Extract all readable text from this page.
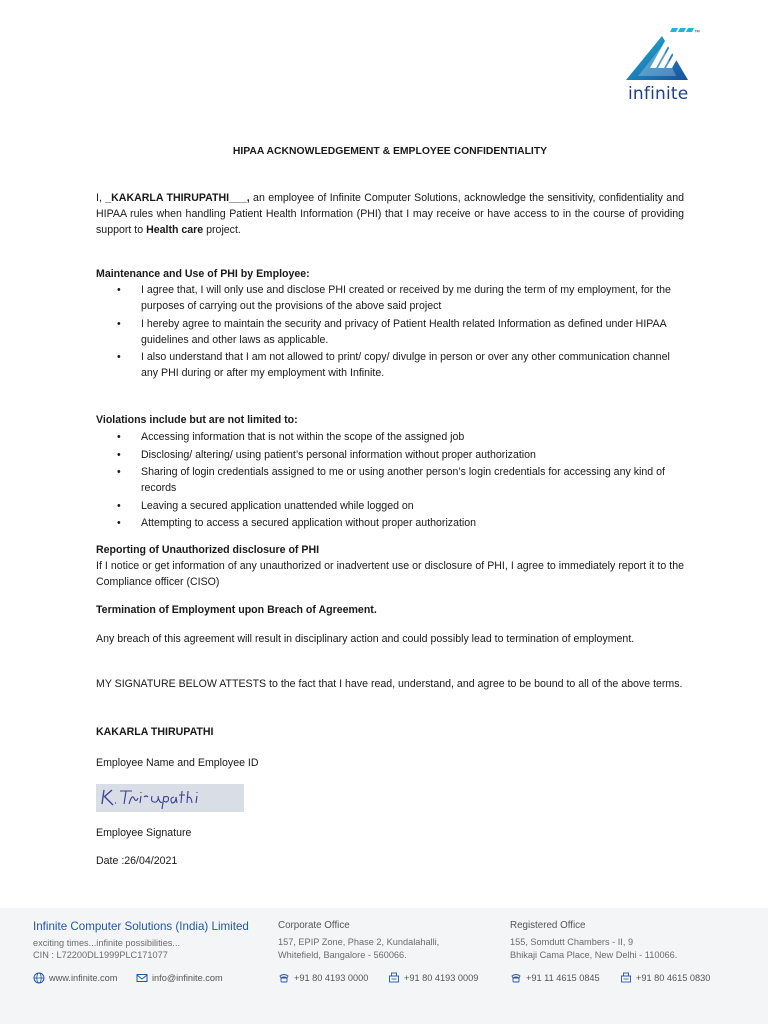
™
infinite
HIPAA ACKNOWLEDGEMENT & EMPLOYEE CONFIDENTIALITY

I, _KAKARLA THIRUPATHI___, an employee of Infinite Computer Solutions, acknowledge the sensitivity, confidentiality and HIPAA rules when handling Patient Health Information (PHI) that I may receive or have access to in the course of providing support to Health care project.

Maintenance and Use of PHI by Employee:

• I agree that, I will only use and disclose PHI created or received by me during the term of my employment, for the purposes of carrying out the provisions of the above said project
• I hereby agree to maintain the security and privacy of Patient Health related Information as defined under HIPAA guidelines and other laws as applicable.
• I also understand that I am not allowed to print/ copy/ divulge in person or over any other communication channel any PHI during or after my employment with Infinite.

Violations include but are not limited to:

• Accessing information that is not within the scope of the assigned job
• Disclosing/ altering/ using patient’s personal information without proper authorization
• Sharing of login credentials assigned to me or using another person’s login credentials for accessing any kind of records
• Leaving a secured application unattended while logged on
• Attempting to access a secured application without proper authorization

Reporting of Unauthorized disclosure of PHI

If I notice or get information of any unauthorized or inadvertent use or disclosure of PHI, I agree to immediately report it to the Compliance officer (CISO)

Termination of Employment upon Breach of Agreement.

Any breach of this agreement will result in disciplinary action and could possibly lead to termination of employment.

MY SIGNATURE BELOW ATTESTS to the fact that I have read, understand, and agree to be bound to all of the above terms.

KAKARLA THIRUPATHI

Employee Name and Employee ID

Employee Signature

Date :26/04/2021

Infinite Computer Solutions (India) Limited
exciting times...infinite possibilities...
CIN : L72200DL1999PLC171077
Corporate Office
157, EPIP Zone, Phase 2, Kundalahalli,
Whitefield, Bangalore - 560066.
Registered Office
155, Somdutt Chambers - II, 9
Bhikaji Cama Place, New Delhi - 110066.
www.infinite.com	info@infinite.com	+91 80 4193 0000	+91 80 4193 0009	+91 11 4615 0845	+91 80 4615 0830
